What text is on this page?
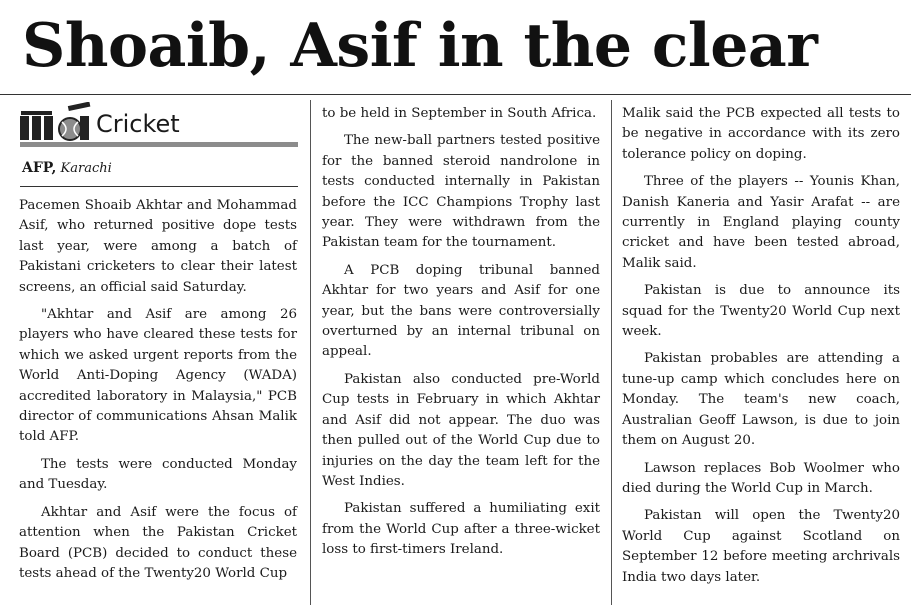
Shoaib, Asif in the clear
Cricket
AFP, Karachi

Pacemen Shoaib Akhtar and Mohammad Asif, who returned positive dope tests last year, were among a batch of Pakistani cricketers to clear their latest screens, an official said Saturday.

"Akhtar and Asif are among 26 players who have cleared these tests for which we asked urgent reports from the World Anti-Doping Agency (WADA) accredited laboratory in Malaysia," PCB director of communications Ahsan Malik told AFP.

The tests were conducted Monday and Tuesday.

Akhtar and Asif were the focus of attention when the Pakistan Cricket Board (PCB) decided to conduct these tests ahead of the Twenty20 World Cup

to be held in September in South Africa.

The new-ball partners tested positive for the banned steroid nandrolone in tests conducted internally in Pakistan before the ICC Champions Trophy last year. They were withdrawn from the Pakistan team for the tournament.

A PCB doping tribunal banned Akhtar for two years and Asif for one year, but the bans were controversially overturned by an internal tribunal on appeal.

Pakistan also conducted pre-World Cup tests in February in which Akhtar and Asif did not appear. The duo was then pulled out of the World Cup due to injuries on the day the team left for the West Indies.

Pakistan suffered a humiliating exit from the World Cup after a three-wicket loss to first-timers Ireland.

Malik said the PCB expected all tests to be negative in accordance with its zero tolerance policy on doping.

Three of the players -- Younis Khan, Danish Kaneria and Yasir Arafat -- are currently in England playing county cricket and have been tested abroad, Malik said.

Pakistan is due to announce its squad for the Twenty20 World Cup next week.

Pakistan probables are attending a tune-up camp which concludes here on Monday. The team's new coach, Australian Geoff Lawson, is due to join them on August 20.

Lawson replaces Bob Woolmer who died during the World Cup in March.

Pakistan will open the Twenty20 World Cup against Scotland on September 12 before meeting archrivals India two days later.
